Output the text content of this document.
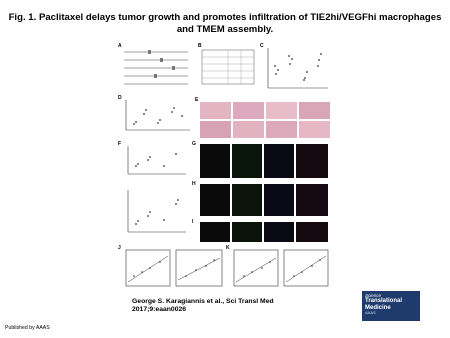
Fig. 1. Paclitaxel delays tumor growth and promotes infiltration of TIE2hi/VEGFhi macrophages
and TMEM assembly.
A	B	C
D	E
F	G
H
I
J	K
George S. Karagiannis et al., Sci Transl Med
2017;9:eaan0026
Science
Translational
Medicine
AAAS
Published by AAAS
